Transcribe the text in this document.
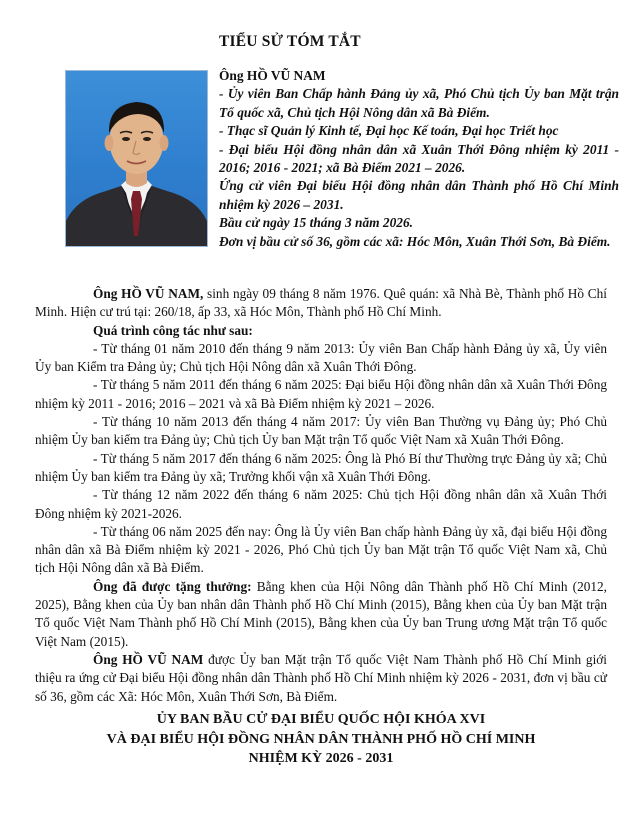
TIỂU SỬ TÓM TẮT

Ông HỒ VŨ NAM

- Ủy viên Ban Chấp hành Đảng ủy xã, Phó Chủ tịch Ủy ban Mặt trận Tổ quốc xã, Chủ tịch Hội Nông dân xã Bà Điểm.

- Thạc sĩ Quản lý Kinh tế, Đại học Kế toán, Đại học Triết học

- Đại biểu Hội đồng nhân dân xã Xuân Thới Đông nhiệm kỳ 2011 - 2016; 2016 - 2021; xã Bà Điểm 2021 – 2026.

Ứng cử viên Đại biểu Hội đồng nhân dân Thành phố Hồ Chí Minh nhiệm kỳ 2026 – 2031.

Bầu cử ngày 15 tháng 3 năm 2026.

Đơn vị bầu cử số 36, gồm các xã: Hóc Môn, Xuân Thới Sơn, Bà Điểm.

Ông HỒ VŨ NAM, sinh ngày 09 tháng 8 năm 1976. Quê quán: xã Nhà Bè, Thành phố Hồ Chí Minh. Hiện cư trú tại: 260/18, ấp 33, xã Hóc Môn, Thành phố Hồ Chí Minh.

Quá trình công tác như sau:

- Từ tháng 01 năm 2010 đến tháng 9 năm 2013: Ủy viên Ban Chấp hành Đảng ủy xã, Ủy viên Ủy ban Kiểm tra Đảng ủy; Chủ tịch Hội Nông dân xã Xuân Thới Đông.

- Từ tháng 5 năm 2011 đến tháng 6 năm 2025: Đại biểu Hội đồng nhân dân xã Xuân Thới Đông nhiệm kỳ 2011 - 2016; 2016 – 2021 và xã Bà Điểm nhiệm kỳ 2021 – 2026.

- Từ tháng 10 năm 2013 đến tháng 4 năm 2017: Ủy viên Ban Thường vụ Đảng ủy; Phó Chủ nhiệm Ủy ban kiểm tra Đảng ủy; Chủ tịch Ủy ban Mặt trận Tổ quốc Việt Nam xã Xuân Thới Đông.

- Từ tháng 5 năm 2017 đến tháng 6 năm 2025: Ông là Phó Bí thư Thường trực Đảng ủy xã; Chủ nhiệm Ủy ban kiểm tra Đảng ủy xã; Trưởng khối vận xã Xuân Thới Đông.

- Từ tháng 12 năm 2022 đến tháng 6 năm 2025: Chủ tịch Hội đồng nhân dân xã Xuân Thới Đông nhiệm kỳ 2021-2026.

- Từ tháng 06 năm 2025 đến nay: Ông là Ủy viên Ban chấp hành Đảng ủy xã, đại biểu Hội đồng nhân dân xã Bà Điểm nhiệm kỳ 2021 - 2026, Phó Chủ tịch Ủy ban Mặt trận Tổ quốc Việt Nam xã, Chủ tịch Hội Nông dân xã Bà Điểm.

Ông đã được tặng thưởng: Bằng khen của Hội Nông dân Thành phố Hồ Chí Minh (2012, 2025), Bằng khen của Ủy ban nhân dân Thành phố Hồ Chí Minh (2015), Bằng khen của Ủy ban Mặt trận Tổ quốc Việt Nam Thành phố Hồ Chí Minh (2015), Bằng khen của Ủy ban Trung ương Mặt trận Tổ quốc Việt Nam (2015).

Ông HỒ VŨ NAM được Ủy ban Mặt trận Tổ quốc Việt Nam Thành phố Hồ Chí Minh giới thiệu ra ứng cử Đại biểu Hội đồng nhân dân Thành phố Hồ Chí Minh nhiệm kỳ 2026 - 2031, đơn vị bầu cử số 36, gồm các Xã: Hóc Môn, Xuân Thới Sơn, Bà Điểm.

ỦY BAN BẦU CỬ ĐẠI BIỂU QUỐC HỘI KHÓA XVI
VÀ ĐẠI BIỂU HỘI ĐỒNG NHÂN DÂN THÀNH PHỐ HỒ CHÍ MINH
NHIỆM KỲ 2026 - 2031
